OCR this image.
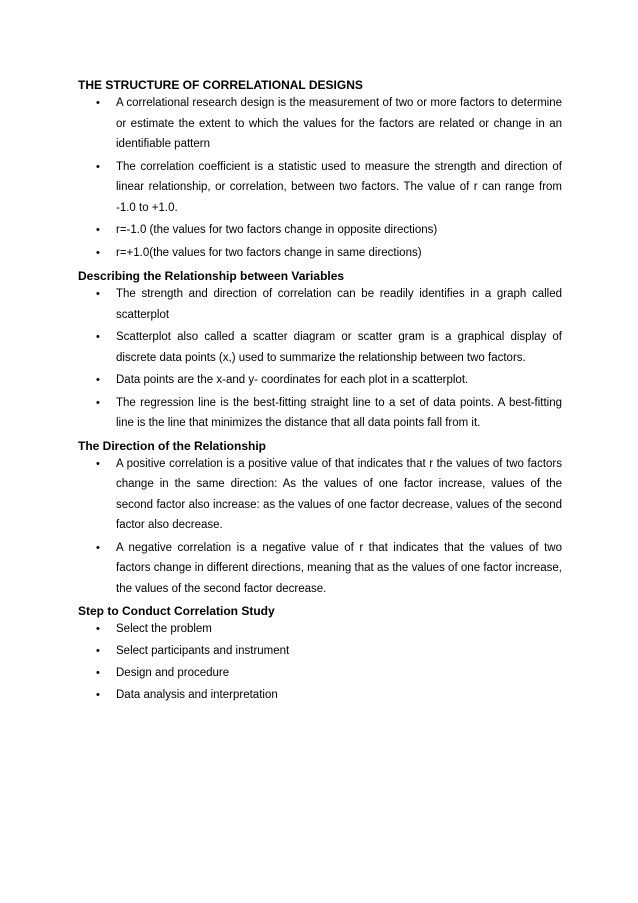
THE STRUCTURE OF CORRELATIONAL DESIGNS

• A correlational research design is the measurement of two or more factors to determine or estimate the extent to which the values for the factors are related or change in an identifiable pattern
• The correlation coefficient is a statistic used to measure the strength and direction of linear relationship, or correlation, between two factors. The value of r can range from -1.0 to +1.0.
• r=-1.0 (the values for two factors change in opposite directions)
• r=+1.0(the values for two factors change in same directions)

Describing the Relationship between Variables

• The strength and direction of correlation can be readily identifies in a graph called scatterplot
• Scatterplot also called a scatter diagram or scatter gram is a graphical display of discrete data points (x,) used to summarize the relationship between two factors.
• Data points are the x-and y- coordinates for each plot in a scatterplot.
• The regression line is the best-fitting straight line to a set of data points. A best-fitting line is the line that minimizes the distance that all data points fall from it.

The Direction of the Relationship

• A positive correlation is a positive value of that indicates that r the values of two factors change in the same direction: As the values of one factor increase, values of the second factor also increase: as the values of one factor decrease, values of the second factor also decrease.
• A negative correlation is a negative value of r that indicates that the values of two factors change in different directions, meaning that as the values of one factor increase, the values of the second factor decrease.

Step to Conduct Correlation Study

• Select the problem
• Select participants and instrument
• Design and procedure
• Data analysis and interpretation
